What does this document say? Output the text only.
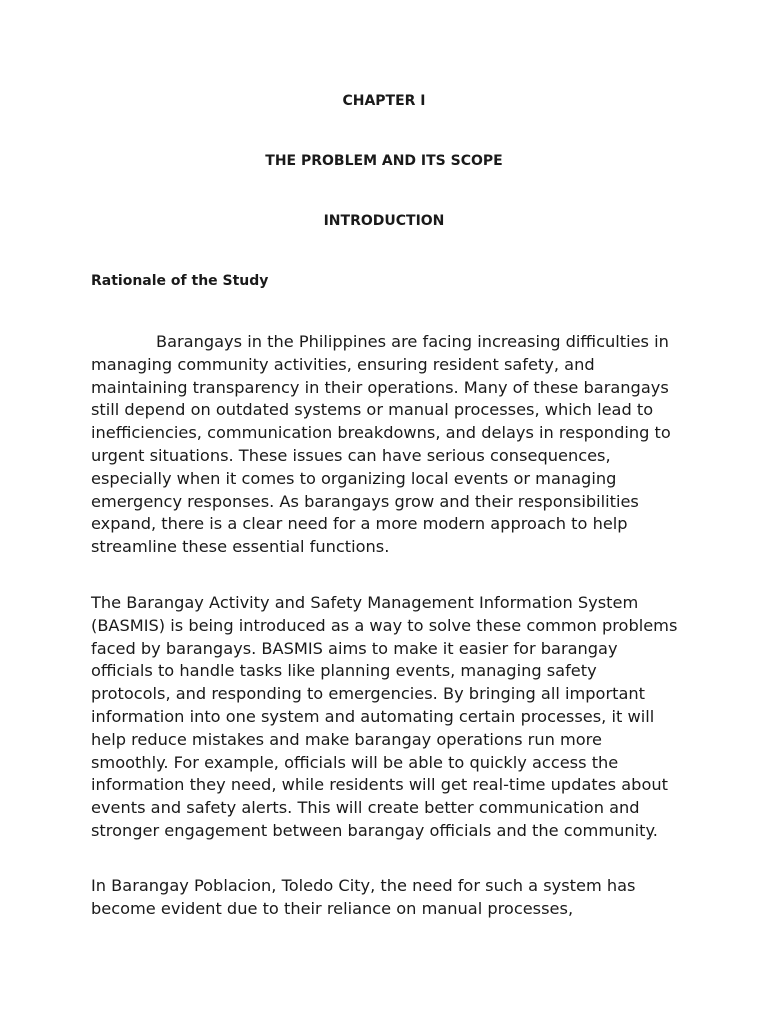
CHAPTER I
THE PROBLEM AND ITS SCOPE
INTRODUCTION
Rationale of the Study

Barangays in the Philippines are facing increasing difficulties in managing community activities, ensuring resident safety, and maintaining transparency in their operations. Many of these barangays still depend on outdated systems or manual processes, which lead to inefficiencies, communication breakdowns, and delays in responding to urgent situations. These issues can have serious consequences, especially when it comes to organizing local events or managing emergency responses. As barangays grow and their responsibilities expand, there is a clear need for a more modern approach to help streamline these essential functions.

The Barangay Activity and Safety Management Information System (BASMIS) is being introduced as a way to solve these common problems faced by barangays. BASMIS aims to make it easier for barangay officials to handle tasks like planning events, managing safety protocols, and responding to emergencies. By bringing all important information into one system and automating certain processes, it will help reduce mistakes and make barangay operations run more smoothly. For example, officials will be able to quickly access the information they need, while residents will get real-time updates about events and safety alerts. This will create better communication and stronger engagement between barangay officials and the community.

In Barangay Poblacion, Toledo City, the need for such a system has become evident due to their reliance on manual processes,
